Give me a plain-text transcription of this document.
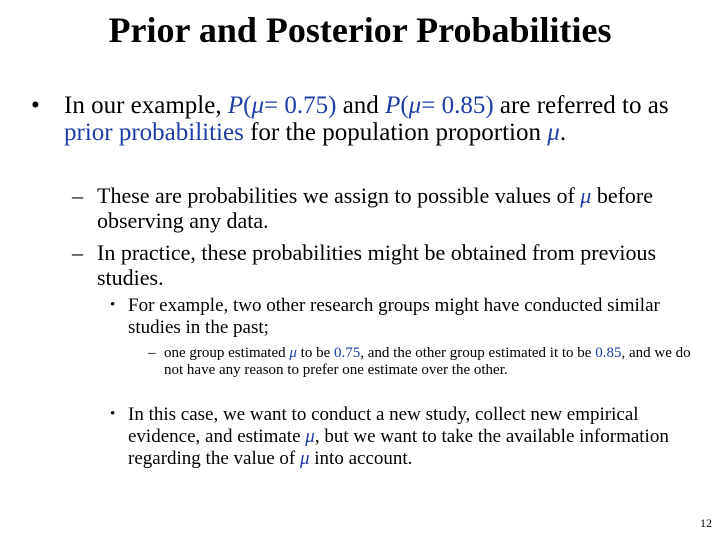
Prior and Posterior Probabilities
• In our example, P(μ= 0.75) and P(μ= 0.85) are referred to as prior probabilities for the population proportion μ.
– These are probabilities we assign to possible values of μ before observing any data.
– In practice, these probabilities might be obtained from previous studies.
• For example, two other research groups might have conducted similar studies in the past;
– one group estimated μ to be 0.75, and the other group estimated it to be 0.85, and we do not have any reason to prefer one estimate over the other.
• In this case, we want to conduct a new study, collect new empirical evidence, and estimate μ, but we want to take the available information regarding the value of μ into account.
12
